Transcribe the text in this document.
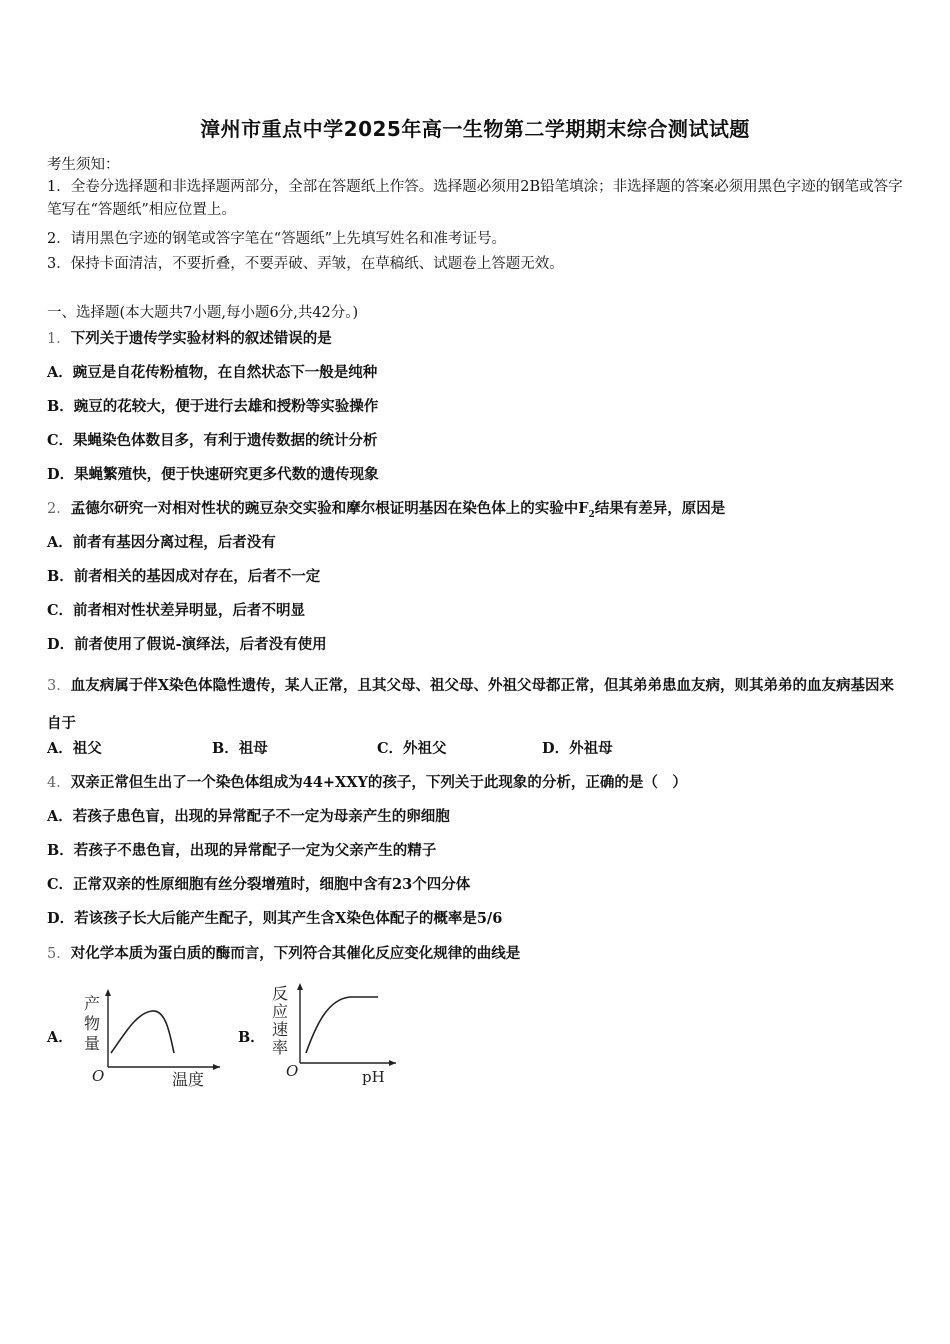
漳州市重点中学2025年高一生物第二学期期末综合测试试题
考生须知：
1．全卷分选择题和非选择题两部分，全部在答题纸上作答。选择题必须用2B铅笔填涂；非选择题的答案必须用黑色字迹的钢笔或答字笔写在“答题纸”相应位置上。
2．请用黑色字迹的钢笔或答字笔在“答题纸”上先填写姓名和准考证号。
3．保持卡面清洁，不要折叠，不要弄破、弄皱，在草稿纸、试题卷上答题无效。
一、选择题(本大题共7小题,每小题6分,共42分。)
1．下列关于遗传学实验材料的叙述错误的是
A．豌豆是自花传粉植物，在自然状态下一般是纯种
B．豌豆的花较大，便于进行去雄和授粉等实验操作
C．果蝇染色体数目多，有利于遗传数据的统计分析
D．果蝇繁殖快，便于快速研究更多代数的遗传现象
2．孟德尔研究一对相对性状的豌豆杂交实验和摩尔根证明基因在染色体上的实验中$F_2$结果有差异，原因是
A．前者有基因分离过程，后者没有
B．前者相关的基因成对存在，后者不一定
C．前者相对性状差异明显，后者不明显
D．前者使用了假说-演绎法，后者没有使用
3．血友病属于伴X染色体隐性遗传，某人正常，且其父母、祖父母、外祖父母都正常，但其弟弟患血友病，则其弟弟的血友病基因来自于
A．祖父	B．祖母	C．外祖父	D．外祖母
4．双亲正常但生出了一个染色体组成为44+XXY的孩子，下列关于此现象的分析，正确的是（　）
A．若孩子患色盲，出现的异常配子不一定为母亲产生的卵细胞
B．若孩子不患色盲，出现的异常配子一定为父亲产生的精子
C．正常双亲的性原细胞有丝分裂增殖时，细胞中含有23个四分体
D．若该孩子长大后能产生配子，则其产生含X染色体配子的概率是5/6
5．对化学本质为蛋白质的酶而言，下列符合其催化反应变化规律的曲线是
A．
产
物
量
O	温度
B．
反
应
速
率
O	pH
